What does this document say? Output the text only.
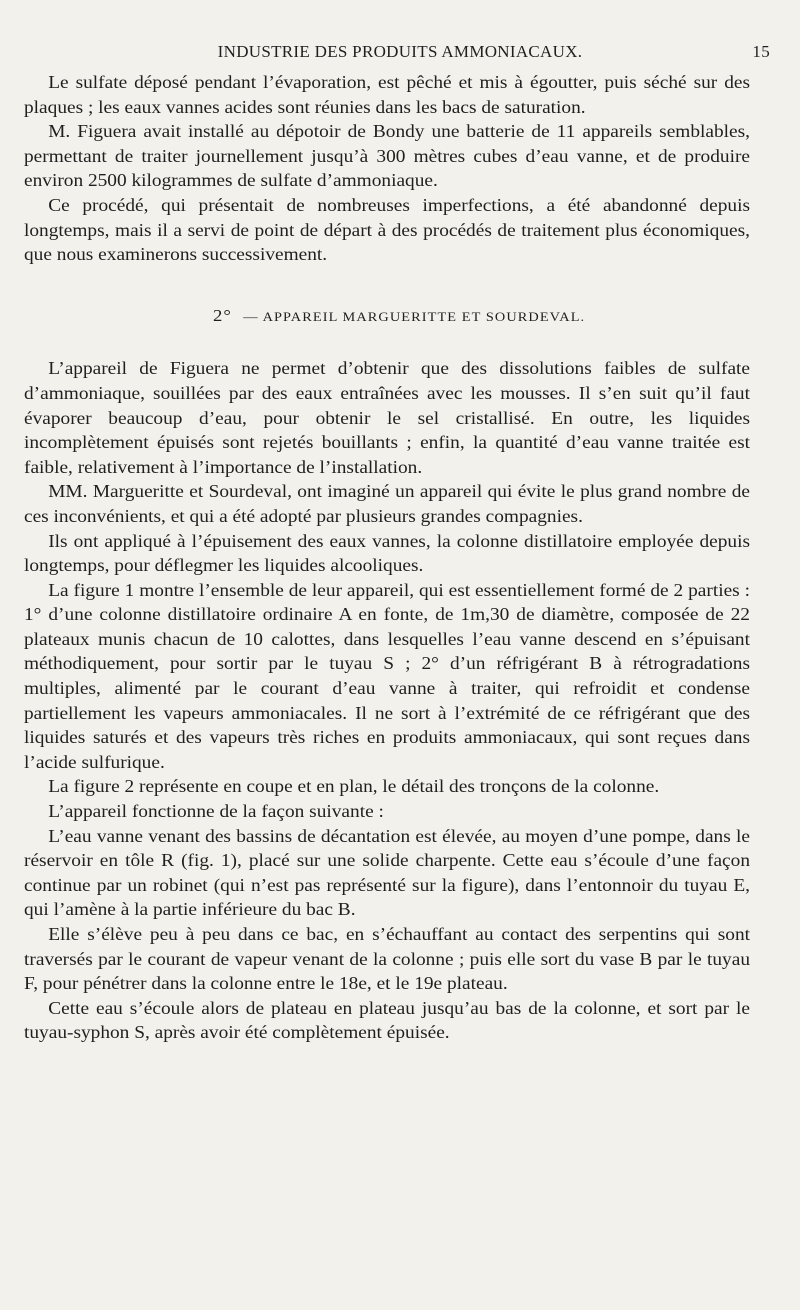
INDUSTRIE DES PRODUITS AMMONIACAUX.	15

Le sulfate déposé pendant l’évaporation, est pêché et mis à égoutter, puis séché sur des plaques ; les eaux vannes acides sont réunies dans les bacs de saturation.

M. Figuera avait installé au dépotoir de Bondy une batterie de 11 appareils semblables, permettant de traiter journellement jusqu’à 300 mètres cubes d’eau vanne, et de produire environ 2500 kilogrammes de sulfate d’ammoniaque.

Ce procédé, qui présentait de nombreuses imperfections, a été abandonné depuis longtemps, mais il a servi de point de départ à des procédés de traitement plus économiques, que nous examinerons successivement.

2° — APPAREIL MARGUERITTE ET SOURDEVAL.

L’appareil de Figuera ne permet d’obtenir que des dissolutions faibles de sulfate d’ammoniaque, souillées par des eaux entraînées avec les mousses. Il s’en suit qu’il faut évaporer beaucoup d’eau, pour obtenir le sel cristallisé. En outre, les liquides incomplètement épuisés sont rejetés bouillants ; enfin, la quantité d’eau vanne traitée est faible, relativement à l’importance de l’installation.

MM. Margueritte et Sourdeval, ont imaginé un appareil qui évite le plus grand nombre de ces inconvénients, et qui a été adopté par plusieurs grandes compagnies.

Ils ont appliqué à l’épuisement des eaux vannes, la colonne distillatoire employée depuis longtemps, pour déflegmer les liquides alcooliques.

La figure 1 montre l’ensemble de leur appareil, qui est essentiellement formé de 2 parties : 1° d’une colonne distillatoire ordinaire A en fonte, de 1m,30 de diamètre, composée de 22 plateaux munis chacun de 10 calottes, dans lesquelles l’eau vanne descend en s’épuisant méthodiquement, pour sortir par le tuyau S ; 2° d’un réfrigérant B à rétrogradations multiples, alimenté par le courant d’eau vanne à traiter, qui refroidit et condense partiellement les vapeurs ammoniacales. Il ne sort à l’extrémité de ce réfrigérant que des liquides saturés et des vapeurs très riches en produits ammoniacaux, qui sont reçues dans l’acide sulfurique.

La figure 2 représente en coupe et en plan, le détail des tronçons de la colonne.

L’appareil fonctionne de la façon suivante :

L’eau vanne venant des bassins de décantation est élevée, au moyen d’une pompe, dans le réservoir en tôle R (fig. 1), placé sur une solide charpente. Cette eau s’écoule d’une façon continue par un robinet (qui n’est pas représenté sur la figure), dans l’entonnoir du tuyau E, qui l’amène à la partie inférieure du bac B.

Elle s’élève peu à peu dans ce bac, en s’échauffant au contact des serpentins qui sont traversés par le courant de vapeur venant de la colonne ; puis elle sort du vase B par le tuyau F, pour pénétrer dans la colonne entre le 18e, et le 19e plateau.

Cette eau s’écoule alors de plateau en plateau jusqu’au bas de la colonne, et sort par le tuyau-syphon S, après avoir été complètement épuisée.
